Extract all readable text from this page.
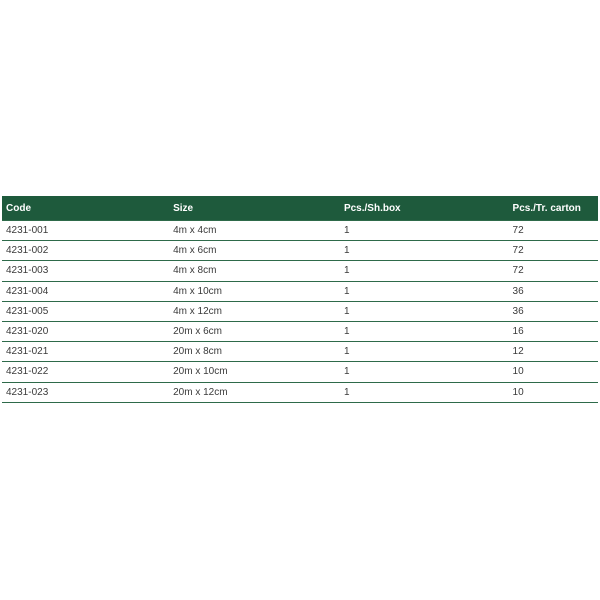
Code	Size	Pcs./Sh.box	Pcs./Tr. carton
4231-001	4m x 4cm	1	72
4231-002	4m x 6cm	1	72
4231-003	4m x 8cm	1	72
4231-004	4m x 10cm	1	36
4231-005	4m x 12cm	1	36
4231-020	20m x 6cm	1	16
4231-021	20m x 8cm	1	12
4231-022	20m x 10cm	1	10
4231-023	20m x 12cm	1	10
